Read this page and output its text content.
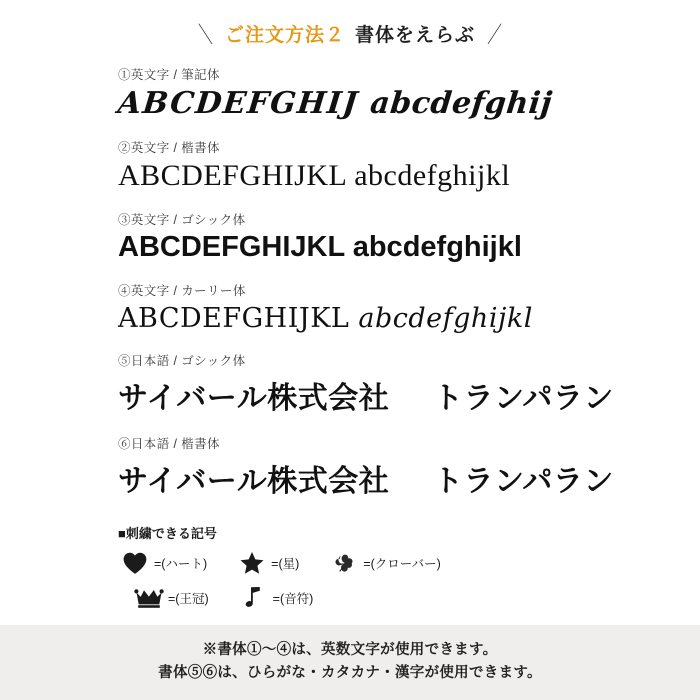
＼ ご注文方法２ 書体をえらぶ ／
①英文字 / 筆記体
ABCDEFGHIJ abcdefghij
②英文字 / 楷書体
ABCDEFGHIJKL abcdefghijkl
③英文字 / ゴシック体
ABCDEFGHIJKL abcdefghijkl
④英文字 / カーリー体
ABCDEFGHIJKL abcdefghijkl
⑤日本語 / ゴシック体
サイバール株式会社 トランパラン
⑥日本語 / 楷書体
サイバール株式会社 トランパラン
■刺繍できる記号
=(ハート)	=(星)	=(クローバー)
=(王冠)	=(音符)
※書体①〜④は、英数文字が使用できます。
書体⑤⑥は、ひらがな・カタカナ・漢字が使用できます。
